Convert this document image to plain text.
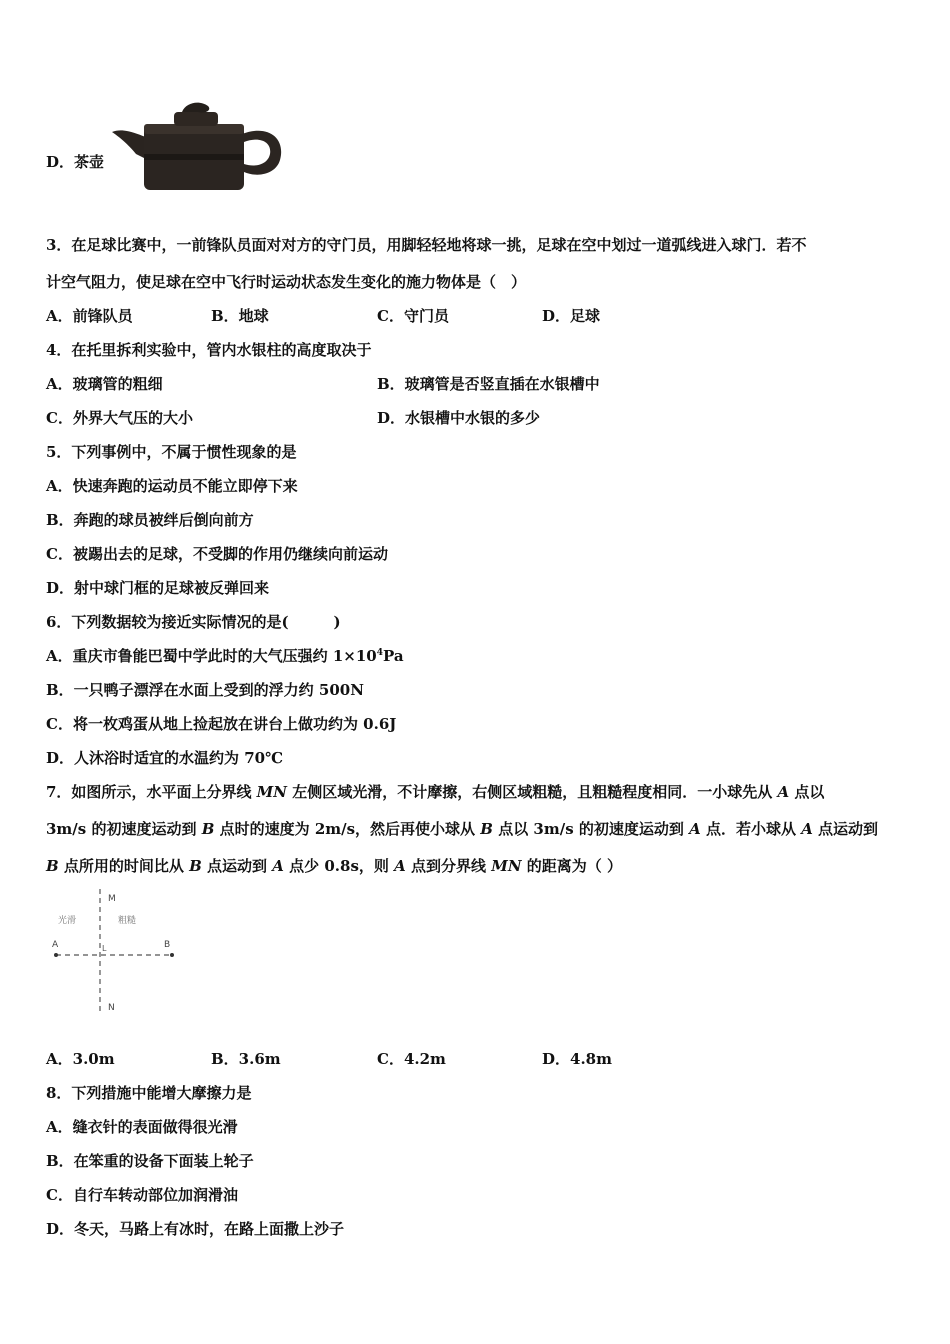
D．茶壶
3．在足球比赛中，一前锋队员面对对方的守门员，用脚轻轻地将球一挑，足球在空中划过一道弧线进入球门．若不
计空气阻力，使足球在空中飞行时运动状态发生变化的施力物体是（　）
A．前锋队员	B．地球	C．守门员	D．足球
4．在托里拆利实验中，管内水银柱的高度取决于
A．玻璃管的粗细	B．玻璃管是否竖直插在水银槽中
C．外界大气压的大小	D．水银槽中水银的多少
5．下列事例中，不属于惯性现象的是
A．快速奔跑的运动员不能立即停下来
B．奔跑的球员被绊后倒向前方
C．被踢出去的足球，不受脚的作用仍继续向前运动
D．射中球门框的足球被反弹回来
6．下列数据较为接近实际情况的是(　　　)
A．重庆市鲁能巴蜀中学此时的大气压强约 $1\times 10^4Pa$
B．一只鸭子漂浮在水面上受到的浮力约 500N
C．将一枚鸡蛋从地上捡起放在讲台上做功约为 0.6J
D．人沐浴时适宜的水温约为 70℃
7．如图所示，水平面上分界线 MN 左侧区域光滑，不计摩擦，右侧区域粗糙，且粗糙程度相同．一小球先从 A 点以
3m/s 的初速度运动到 B 点时的速度为 2m/s，然后再使小球从 B 点以 3m/s 的初速度运动到 A 点．若小球从 A 点运动到
B 点所用的时间比从 B 点运动到 A 点少 0.8s，则 A 点到分界线 MN 的距离为（ ）
M
N
A	B
光滑	粗糙
L
A．3.0m	B．3.6m	C．4.2m	D．4.8m
8．下列措施中能增大摩擦力是
A．缝衣针的表面做得很光滑
B．在笨重的设备下面装上轮子
C．自行车转动部位加润滑油
D．冬天，马路上有冰时，在路上面撒上沙子
